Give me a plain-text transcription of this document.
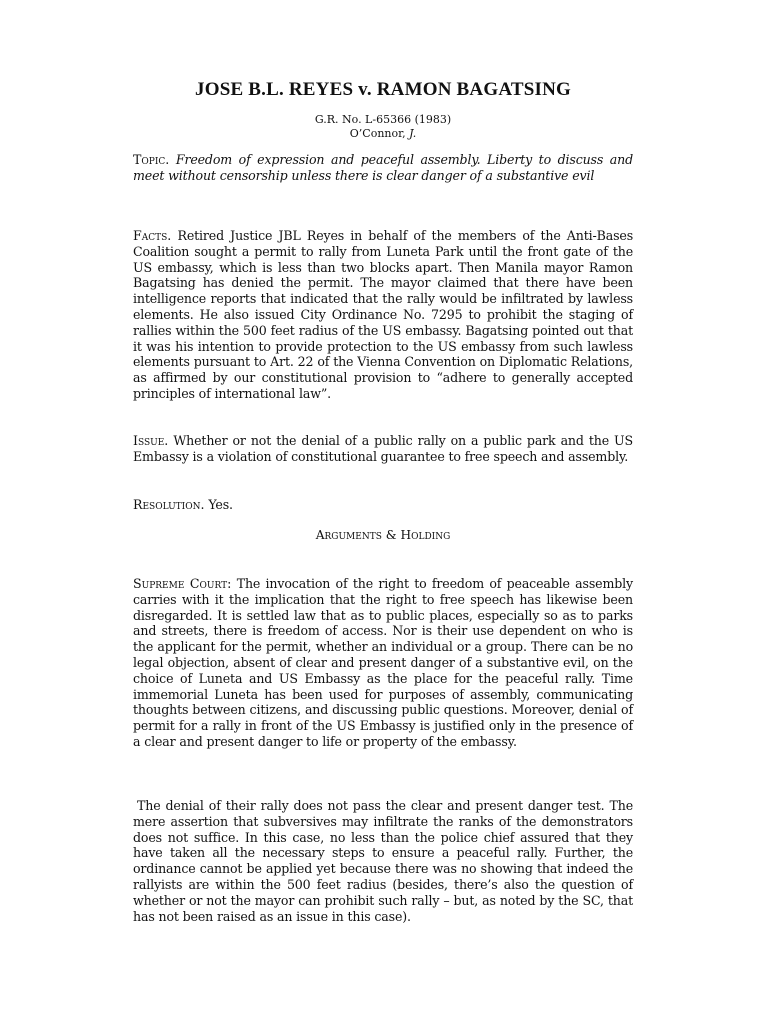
JOSE B.L. REYES v. RAMON BAGATSING
G.R. No. L-65366 (1983)
O’Connor, J.

Topic. Freedom of expression and peaceful assembly. Liberty to discuss and meet without censorship unless there is clear danger of a substantive evil

Facts. Retired Justice JBL Reyes in behalf of the members of the Anti-Bases Coalition sought a permit to rally from Luneta Park until the front gate of the US embassy, which is less than two blocks apart. Then Manila mayor Ramon Bagatsing has denied the permit. The mayor claimed that there have been intelligence reports that indicated that the rally would be infiltrated by lawless elements. He also issued City Ordinance No. 7295 to prohibit the staging of rallies within the 500 feet radius of the US embassy. Bagatsing pointed out that it was his intention to provide protection to the US embassy from such lawless elements pursuant to Art. 22 of the Vienna Convention on Diplomatic Relations, as affirmed by our constitutional provision to “adhere to generally accepted principles of international law”.

Issue. Whether or not the denial of a public rally on a public park and the US Embassy is a violation of constitutional guarantee to free speech and assembly.

Resolution. Yes.

Arguments & Holding

Supreme Court: The invocation of the right to freedom of peaceable assembly carries with it the implication that the right to free speech has likewise been disregarded. It is settled law that as to public places, especially so as to parks and streets, there is freedom of access. Nor is their use dependent on who is the applicant for the permit, whether an individual or a group. There can be no legal objection, absent of clear and present danger of a substantive evil, on the choice of Luneta and US Embassy as the place for the peaceful rally. Time immemorial Luneta has been used for purposes of assembly, communicating thoughts between citizens, and discussing public questions. Moreover, denial of permit for a rally in front of the US Embassy is justified only in the presence of a clear and present danger to life or property of the embassy.

The denial of their rally does not pass the clear and present danger test. The mere assertion that subversives may infiltrate the ranks of the demonstrators does not suffice. In this case, no less than the police chief assured that they have taken all the necessary steps to ensure a peaceful rally. Further, the ordinance cannot be applied yet because there was no showing that indeed the rallyists are within the 500 feet radius (besides, there’s also the question of whether or not the mayor can prohibit such rally – but, as noted by the SC, that has not been raised as an issue in this case).
